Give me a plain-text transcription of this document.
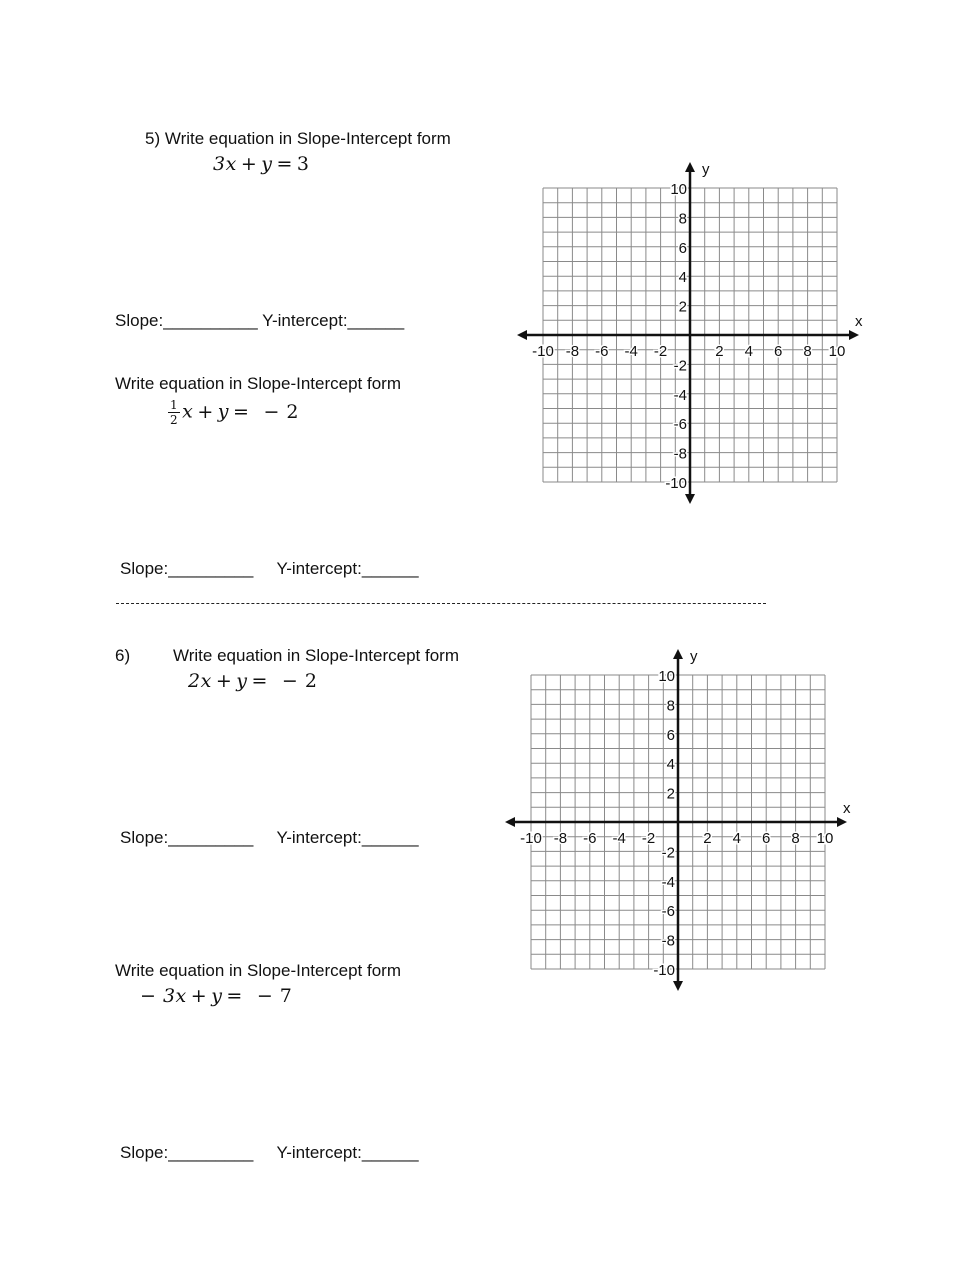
5) Write equation in Slope-Intercept form
3x + y = 3
Slope:__________ Y-intercept:______
Write equation in Slope-Intercept form
$\frac{1}{2}$ x + y = − 2
Slope:_________ Y-intercept:______
x
y
-10 -8 -6 -4 -2	2 4 6 8 10
10
8
6
4
2
-2
-4
-6
-8
-10
6)	Write equation in Slope-Intercept form
2x + y = − 2
Slope:_________ Y-intercept:______
Write equation in Slope-Intercept form
− 3x + y = − 7
Slope:_________ Y-intercept:______
x
y
-10 -8 -6 -4 -2	2 4 6 8 10
10
8
6
4
2
-2
-4
-6
-8
-10
